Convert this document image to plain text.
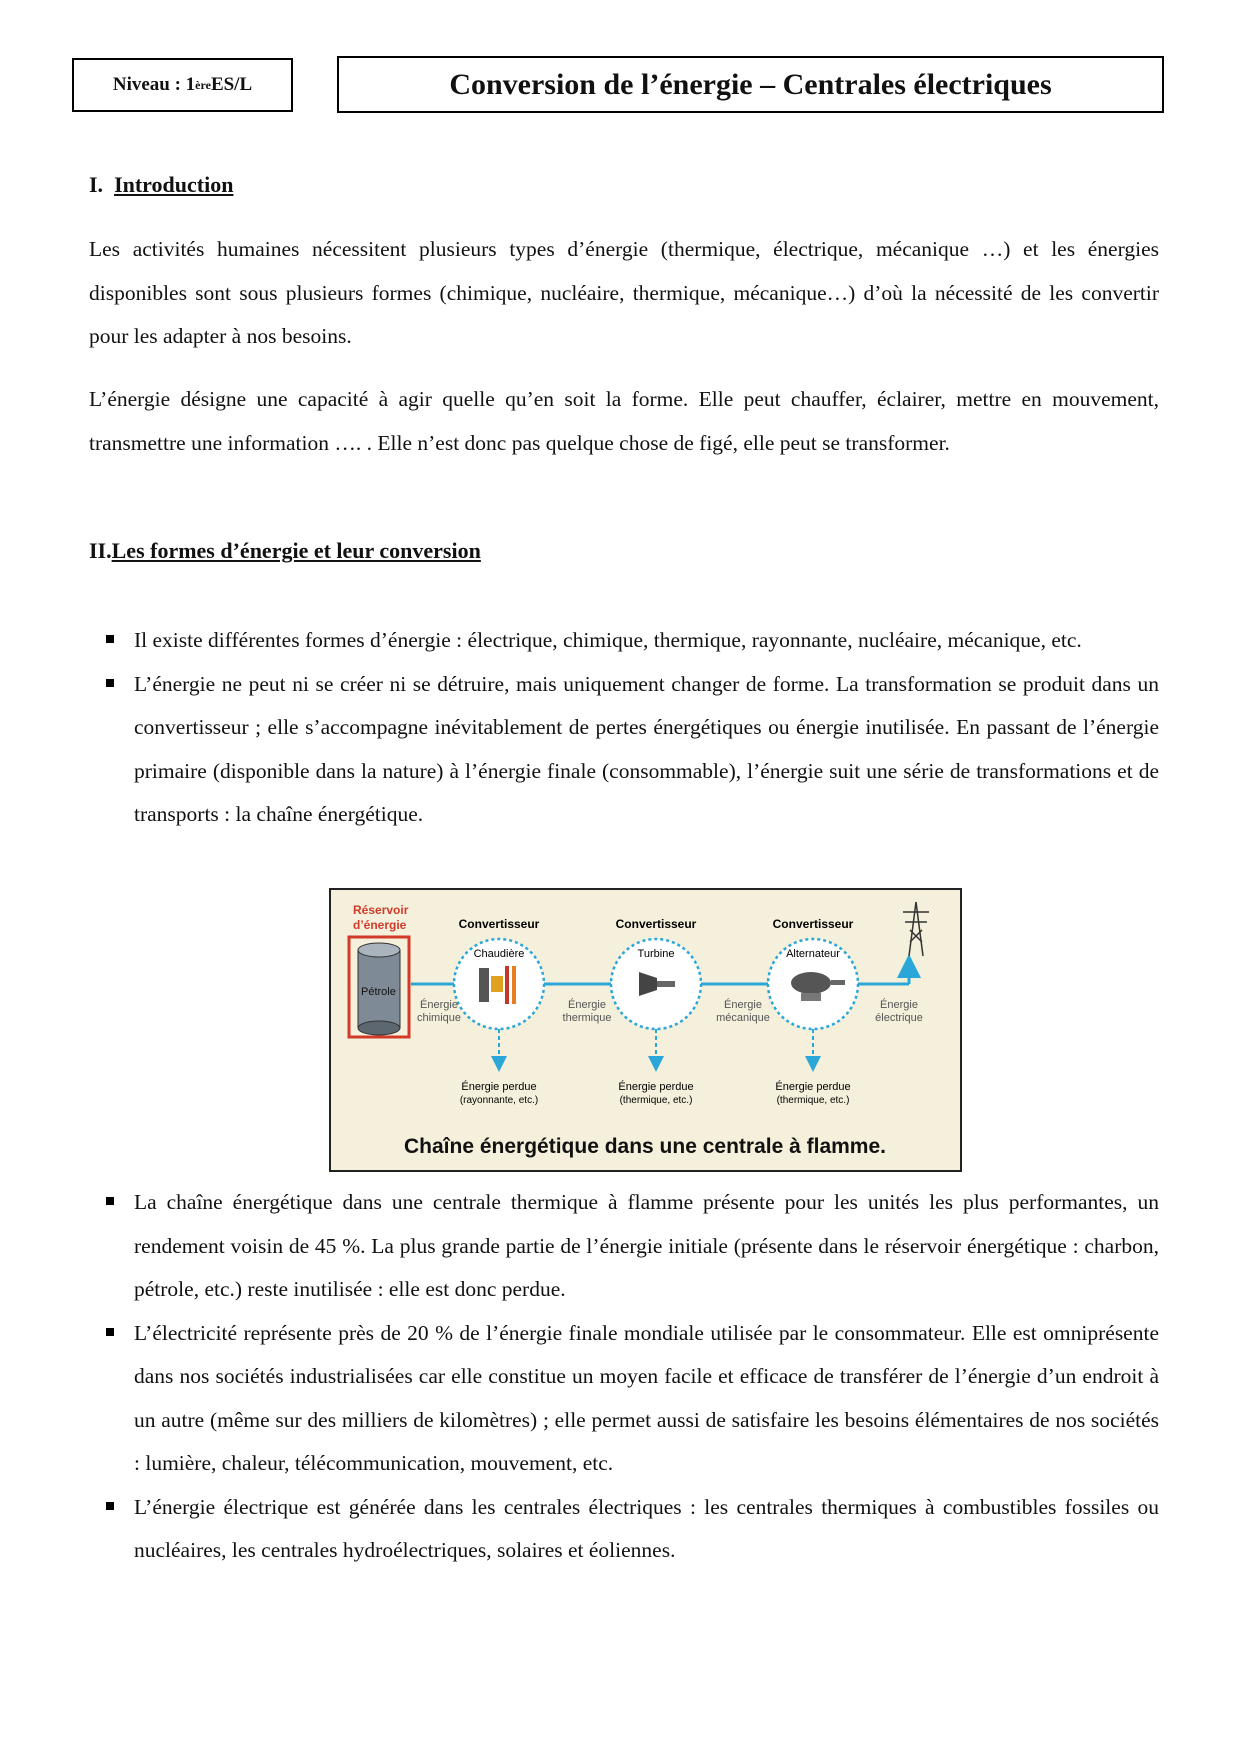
Niveau : 1 ère ES/L	Conversion de l’énergie – Centrales électriques
I. Introduction

Les activités humaines nécessitent plusieurs types d’énergie (thermique, électrique, mécanique …) et les énergies disponibles sont sous plusieurs formes (chimique, nucléaire, thermique, mécanique…) d’où la nécessité de les convertir pour les adapter à nos besoins.

L’énergie désigne une capacité à agir quelle qu’en soit la forme. Elle peut chauffer, éclairer, mettre en mouvement, transmettre une information …. . Elle n’est donc pas quelque chose de figé, elle peut se transformer.

II.Les formes d’énergie et leur conversion
Il existe différentes formes d’énergie : électrique, chimique, thermique, rayonnante, nucléaire, mécanique, etc.
L’énergie ne peut ni se créer ni se détruire, mais uniquement changer de forme. La transformation se produit dans un convertisseur ; elle s’accompagne inévitablement de pertes énergétiques ou énergie inutilisée. En passant de l’énergie primaire (disponible dans la nature) à l’énergie finale (consommable), l’énergie suit une série de transformations et de transports : la chaîne énergétique.
Réservoir
d’énergie
Pétrole
Convertisseur
Chaudière
Convertisseur
Turbine
Convertisseur
Alternateur
Énergie
chimique
Énergie
thermique
Énergie
mécanique
Énergie
électrique
Énergie perdue
(rayonnante, etc.)
Énergie perdue
(thermique, etc.)
Énergie perdue
(thermique, etc.)
Chaîne énergétique dans une centrale à flamme.
La chaîne énergétique dans une centrale thermique à flamme présente pour les unités les plus performantes, un rendement voisin de 45 %. La plus grande partie de l’énergie initiale (présente dans le réservoir énergétique : charbon, pétrole, etc.) reste inutilisée : elle est donc perdue.
L’électricité représente près de 20 % de l’énergie finale mondiale utilisée par le consommateur. Elle est omniprésente dans nos sociétés industrialisées car elle constitue un moyen facile et efficace de transférer de l’énergie d’un endroit à un autre (même sur des milliers de kilomètres) ; elle permet aussi de satisfaire les besoins élémentaires de nos sociétés : lumière, chaleur, télécommunication, mouvement, etc.
L’énergie électrique est générée dans les centrales électriques : les centrales thermiques à combustibles fossiles ou nucléaires, les centrales hydroélectriques, solaires et éoliennes.
